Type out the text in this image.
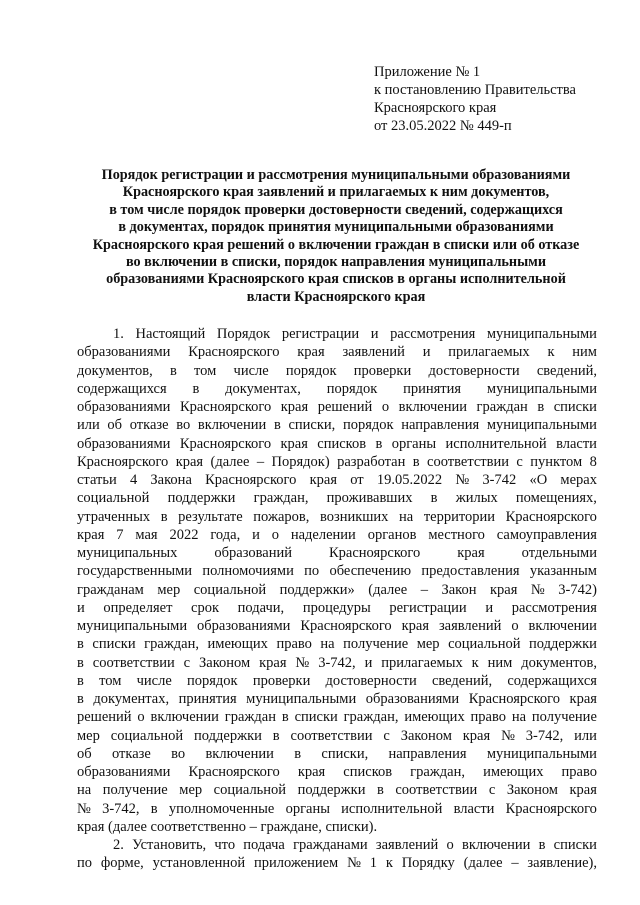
Приложение № 1
к постановлению Правительства
Красноярского края
от 23.05.2022 № 449-п
Порядок регистрации и рассмотрения муниципальными образованиями
Красноярского края заявлений и прилагаемых к ним документов,
в том числе порядок проверки достоверности сведений, содержащихся
в документах, порядок принятия муниципальными образованиями
Красноярского края решений о включении граждан в списки или об отказе
во включении в списки, порядок направления муниципальными
образованиями Красноярского края списков в органы исполнительной
власти Красноярского края
1. Настоящий Порядок регистрации и рассмотрения муниципальными
образованиями Красноярского края заявлений и прилагаемых к ним
документов, в том числе порядок проверки достоверности сведений,
содержащихся в документах, порядок принятия муниципальными
образованиями Красноярского края решений о включении граждан в списки
или об отказе во включении в списки, порядок направления муниципальными
образованиями Красноярского края списков в органы исполнительной власти
Красноярского края (далее – Порядок) разработан в соответствии с пунктом 8
статьи 4 Закона Красноярского края от 19.05.2022 № 3-742 «О мерах
социальной поддержки граждан, проживавших в жилых помещениях,
утраченных в результате пожаров, возникших на территории Красноярского
края 7 мая 2022 года, и о наделении органов местного самоуправления
муниципальных	образований	Красноярского	края	отдельными
государственными полномочиями по обеспечению предоставления указанным
гражданам мер социальной поддержки» (далее – Закон края № 3-742)
и определяет срок подачи, процедуры регистрации и рассмотрения
муниципальными образованиями Красноярского края заявлений о включении
в списки граждан, имеющих право на получение мер социальной поддержки
в соответствии с Законом края № 3-742, и прилагаемых к ним документов,
в том числе порядок проверки достоверности сведений, содержащихся
в документах, принятия муниципальными образованиями Красноярского края
решений о включении граждан в списки граждан, имеющих право на получение
мер социальной поддержки в соответствии с Законом края № 3-742, или
об отказе во включении в списки, направления муниципальными
образованиями Красноярского края списков граждан, имеющих право
на получение мер социальной поддержки в соответствии с Законом края
№ 3-742, в уполномоченные органы исполнительной власти Красноярского
края (далее соответственно – граждане, списки).
2. Установить, что подача гражданами заявлений о включении в списки
по форме, установленной приложением № 1 к Порядку (далее – заявление),
